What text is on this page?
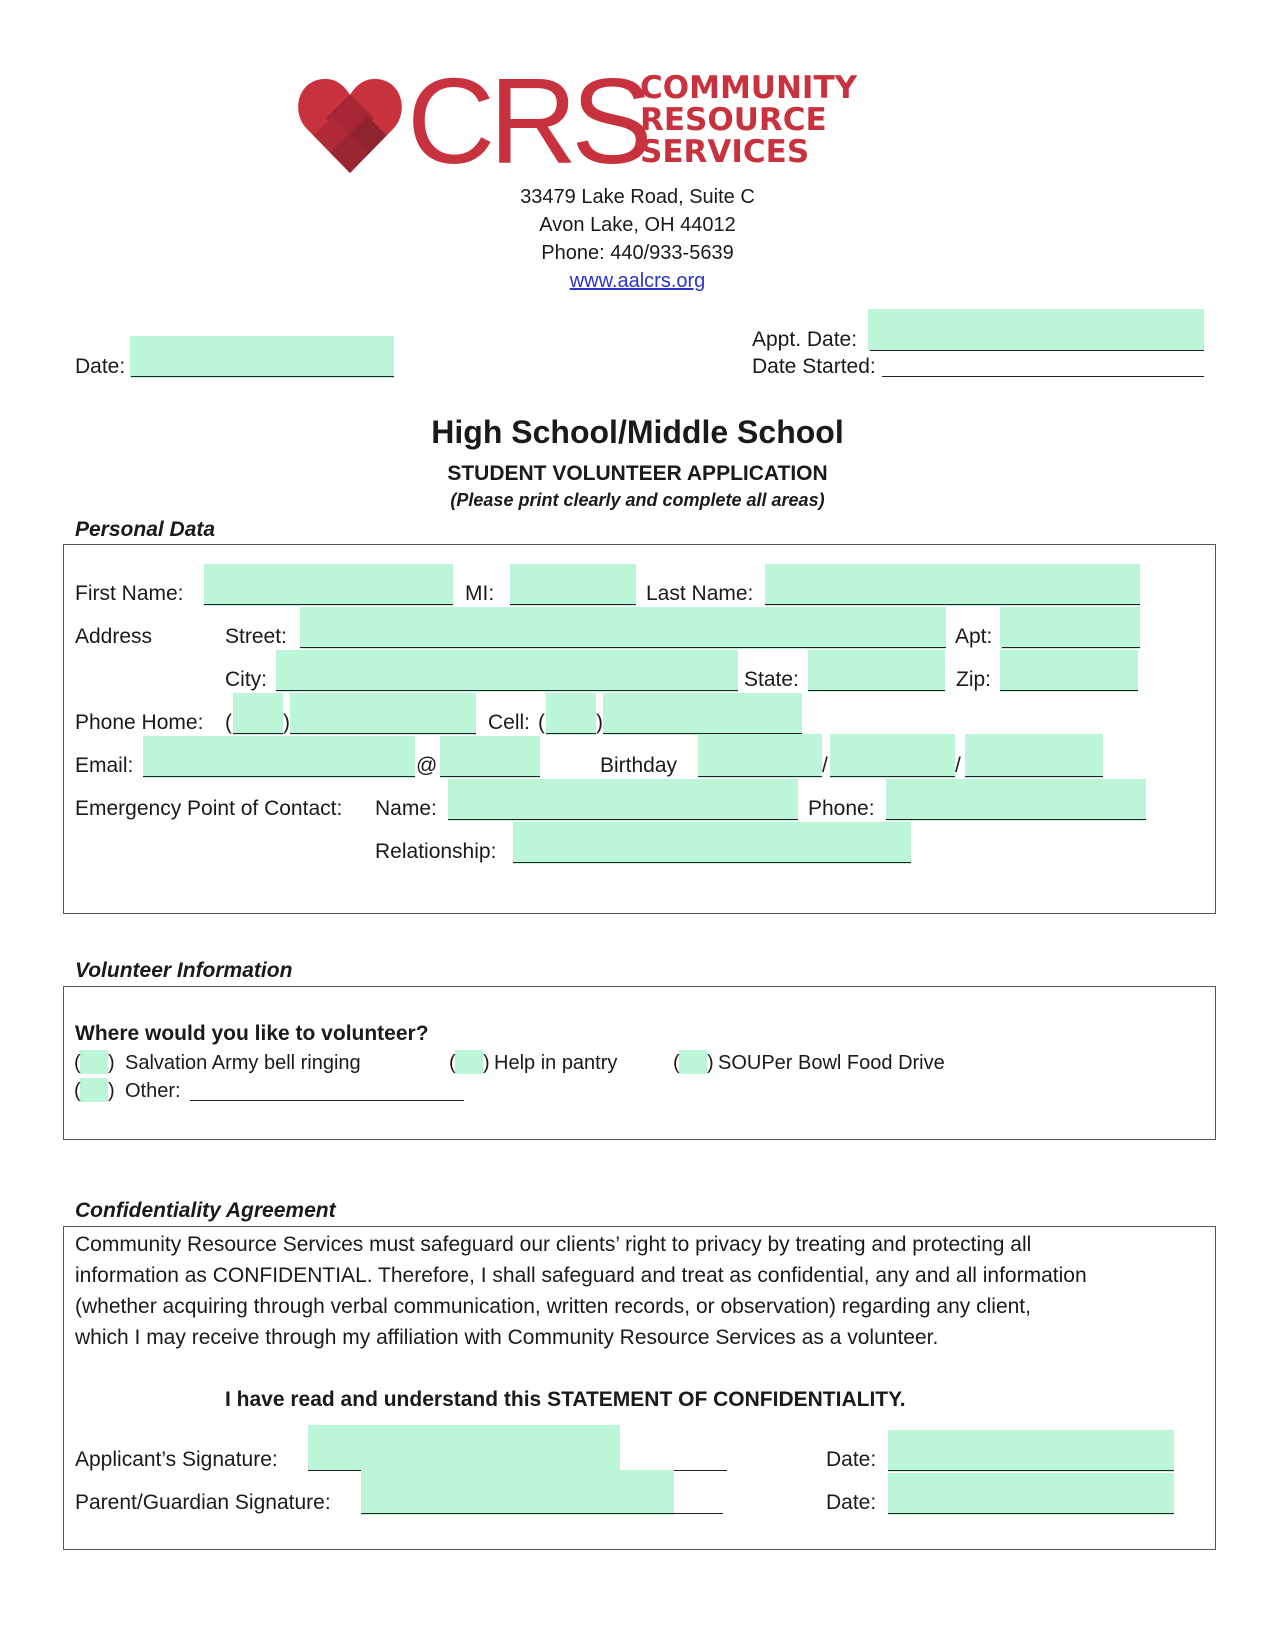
CRS
COMMUNITY
RESOURCE
SERVICES
33479 Lake Road, Suite C
Avon Lake, OH 44012
Phone: 440/933-5639
www.aalcrs.org
Date:
Appt. Date:
Date Started:
High School/Middle School
STUDENT VOLUNTEER APPLICATION
(Please print clearly and complete all areas)
Personal Data
First Name:	MI:	Last Name:
Address	Street:	Apt:
City:	State:	Zip:
Phone Home: ( )	Cell: ( )
Email:	@	Birthday	/	/
Emergency Point of Contact: Name:	Phone:
Relationship:
Volunteer Information
Where would you like to volunteer?
( ) Salvation Army bell ringing	( ) Help in pantry	( ) SOUPer Bowl Food Drive
( ) Other:
Confidentiality Agreement
Community Resource Services must safeguard our clients’ right to privacy by treating and protecting all
information as CONFIDENTIAL. Therefore, I shall safeguard and treat as confidential, any and all information
(whether acquiring through verbal communication, written records, or observation) regarding any client,
which I may receive through my affiliation with Community Resource Services as a volunteer.
I have read and understand this STATEMENT OF CONFIDENTIALITY.
Applicant’s Signature:	Date:
Parent/Guardian Signature:	Date:
